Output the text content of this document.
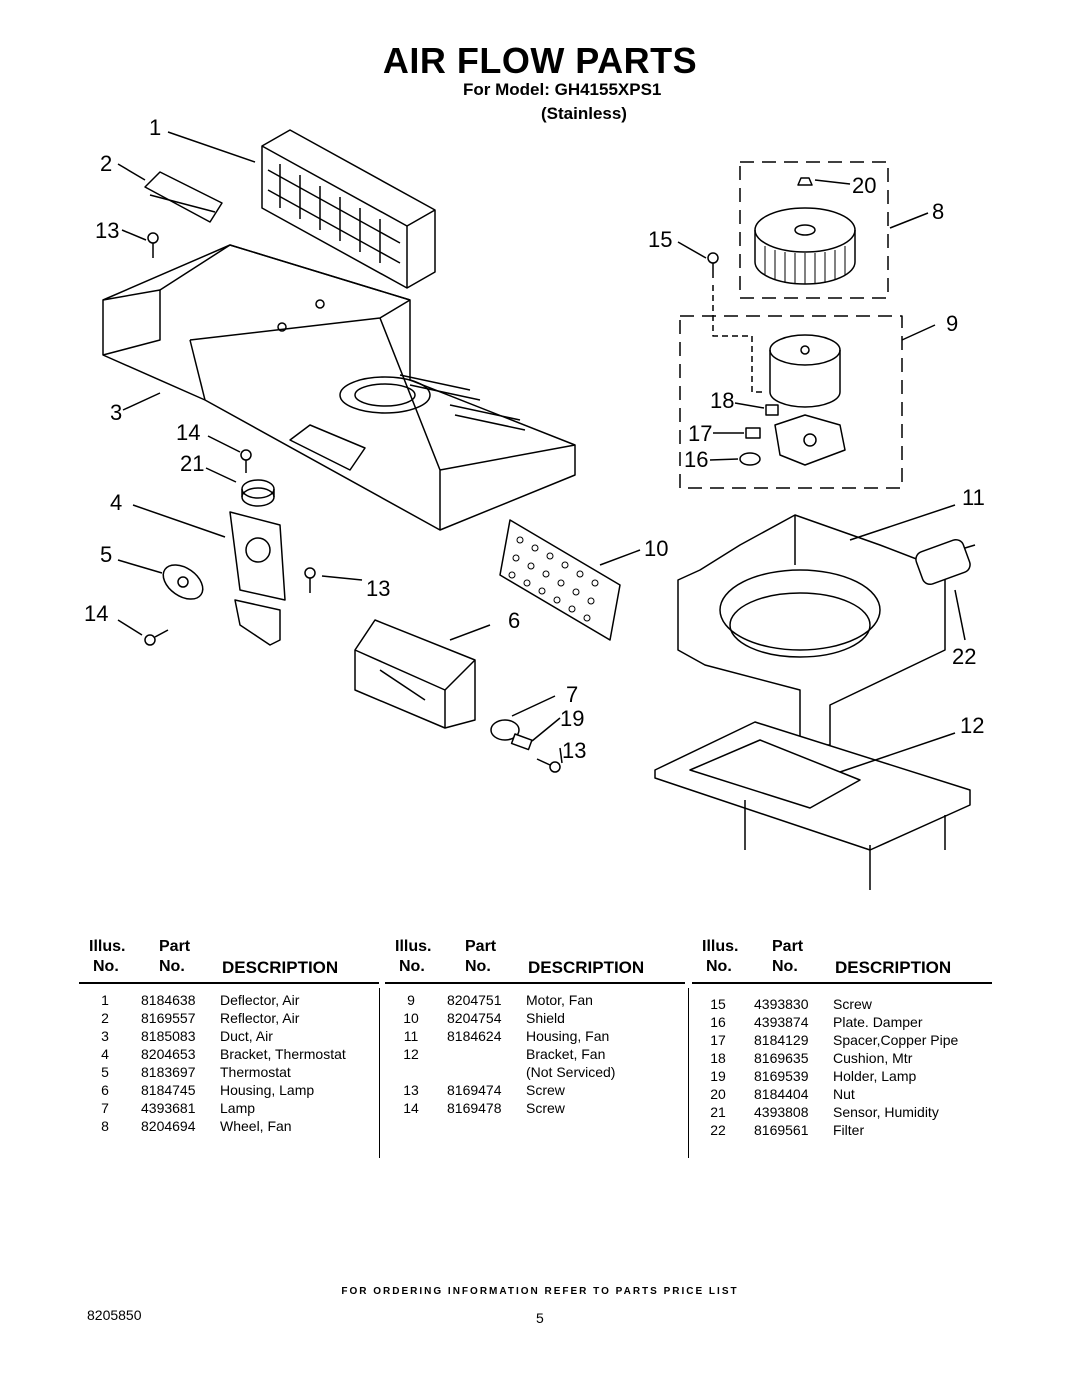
AIR FLOW PARTS
For Model: GH4155XPS1
(Stainless)
1
2
13
3
14
21
4
5
14
13
6
7
19
13
20
8
15
9
18
17
16
11
10
22
12
Illus. Part
No.	No. DESCRIPTION
1	8184638 Deflector, Air
2	8169557 Reflector, Air
3	8185083 Duct, Air
4	8204653 Bracket, Thermostat
5	8183697 Thermostat
6	8184745 Housing, Lamp
7	4393681 Lamp
8	8204694 Wheel, Fan
Illus. Part
No.	No. DESCRIPTION
9	8204751 Motor, Fan
10	8204754 Shield
11	8184624 Housing, Fan
12	Bracket, Fan
(Not Serviced)
13	8169474 Screw
14	8169478 Screw
Illus. Part
No.	No. DESCRIPTION
15	4393830 Screw
16	4393874 Plate. Damper
17	8184129 Spacer,Copper Pipe
18	8169635 Cushion, Mtr
19	8169539 Holder, Lamp
20	8184404 Nut
21	4393808 Sensor, Humidity
22	8169561 Filter
FOR ORDERING INFORMATION REFER TO PARTS PRICE LIST
8205850	5
